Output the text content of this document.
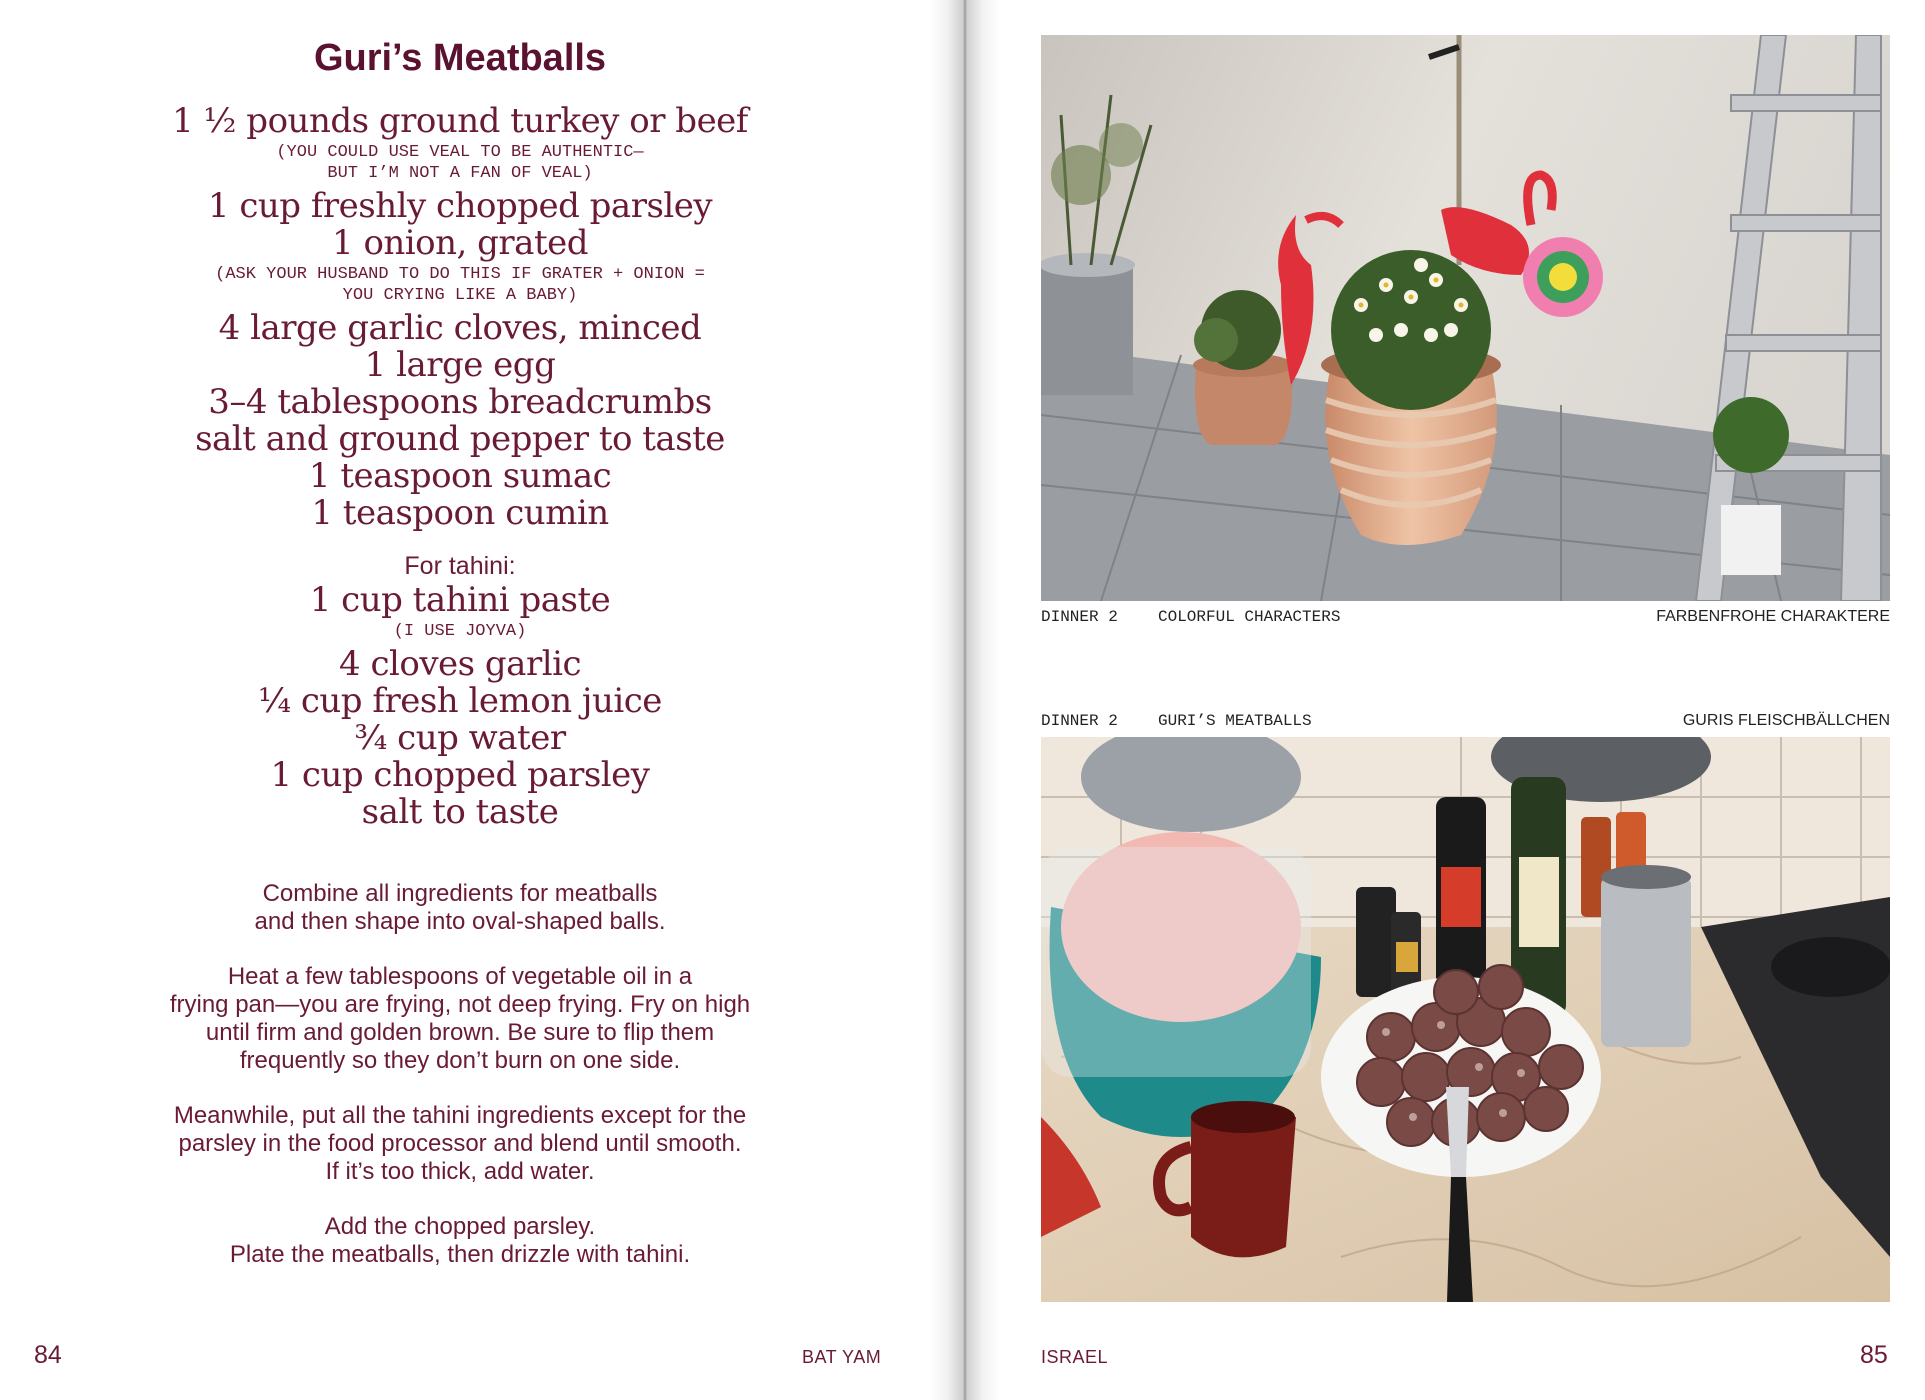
Guri’s Meatballs
1 ½ pounds ground turkey or beef
(YOU COULD USE VEAL TO BE AUTHENTIC—
BUT I’M NOT A FAN OF VEAL)
1 cup freshly chopped parsley
1 onion, grated
(ASK YOUR HUSBAND TO DO THIS IF GRATER + ONION =
YOU CRYING LIKE A BABY)
4 large garlic cloves, minced
1 large egg
3–4 tablespoons breadcrumbs
salt and ground pepper to taste
1 teaspoon sumac
1 teaspoon cumin
For tahini:
1 cup tahini paste
(I USE JOYVA)
4 cloves garlic
¼ cup fresh lemon juice
¾ cup water
1 cup chopped parsley
salt to taste

Combine all ingredients for meatballs
and then shape into oval-shaped balls.

Heat a few tablespoons of vegetable oil in a
frying pan—you are frying, not deep frying. Fry on high
until firm and golden brown. Be sure to flip them
frequently so they don’t burn on one side.

Meanwhile, put all the tahini ingredients except for the
parsley in the food processor and blend until smooth.
If it’s too thick, add water.

Add the chopped parsley.
Plate the meatballs, then drizzle with tahini.

84	BAT YAM
DINNER 2	COLORFUL CHARACTERS	FARBENFROHE CHARAKTERE
DINNER 2	GURI’S MEATBALLS	GURIS FLEISCHBÄLLCHEN
ISRAEL	85
